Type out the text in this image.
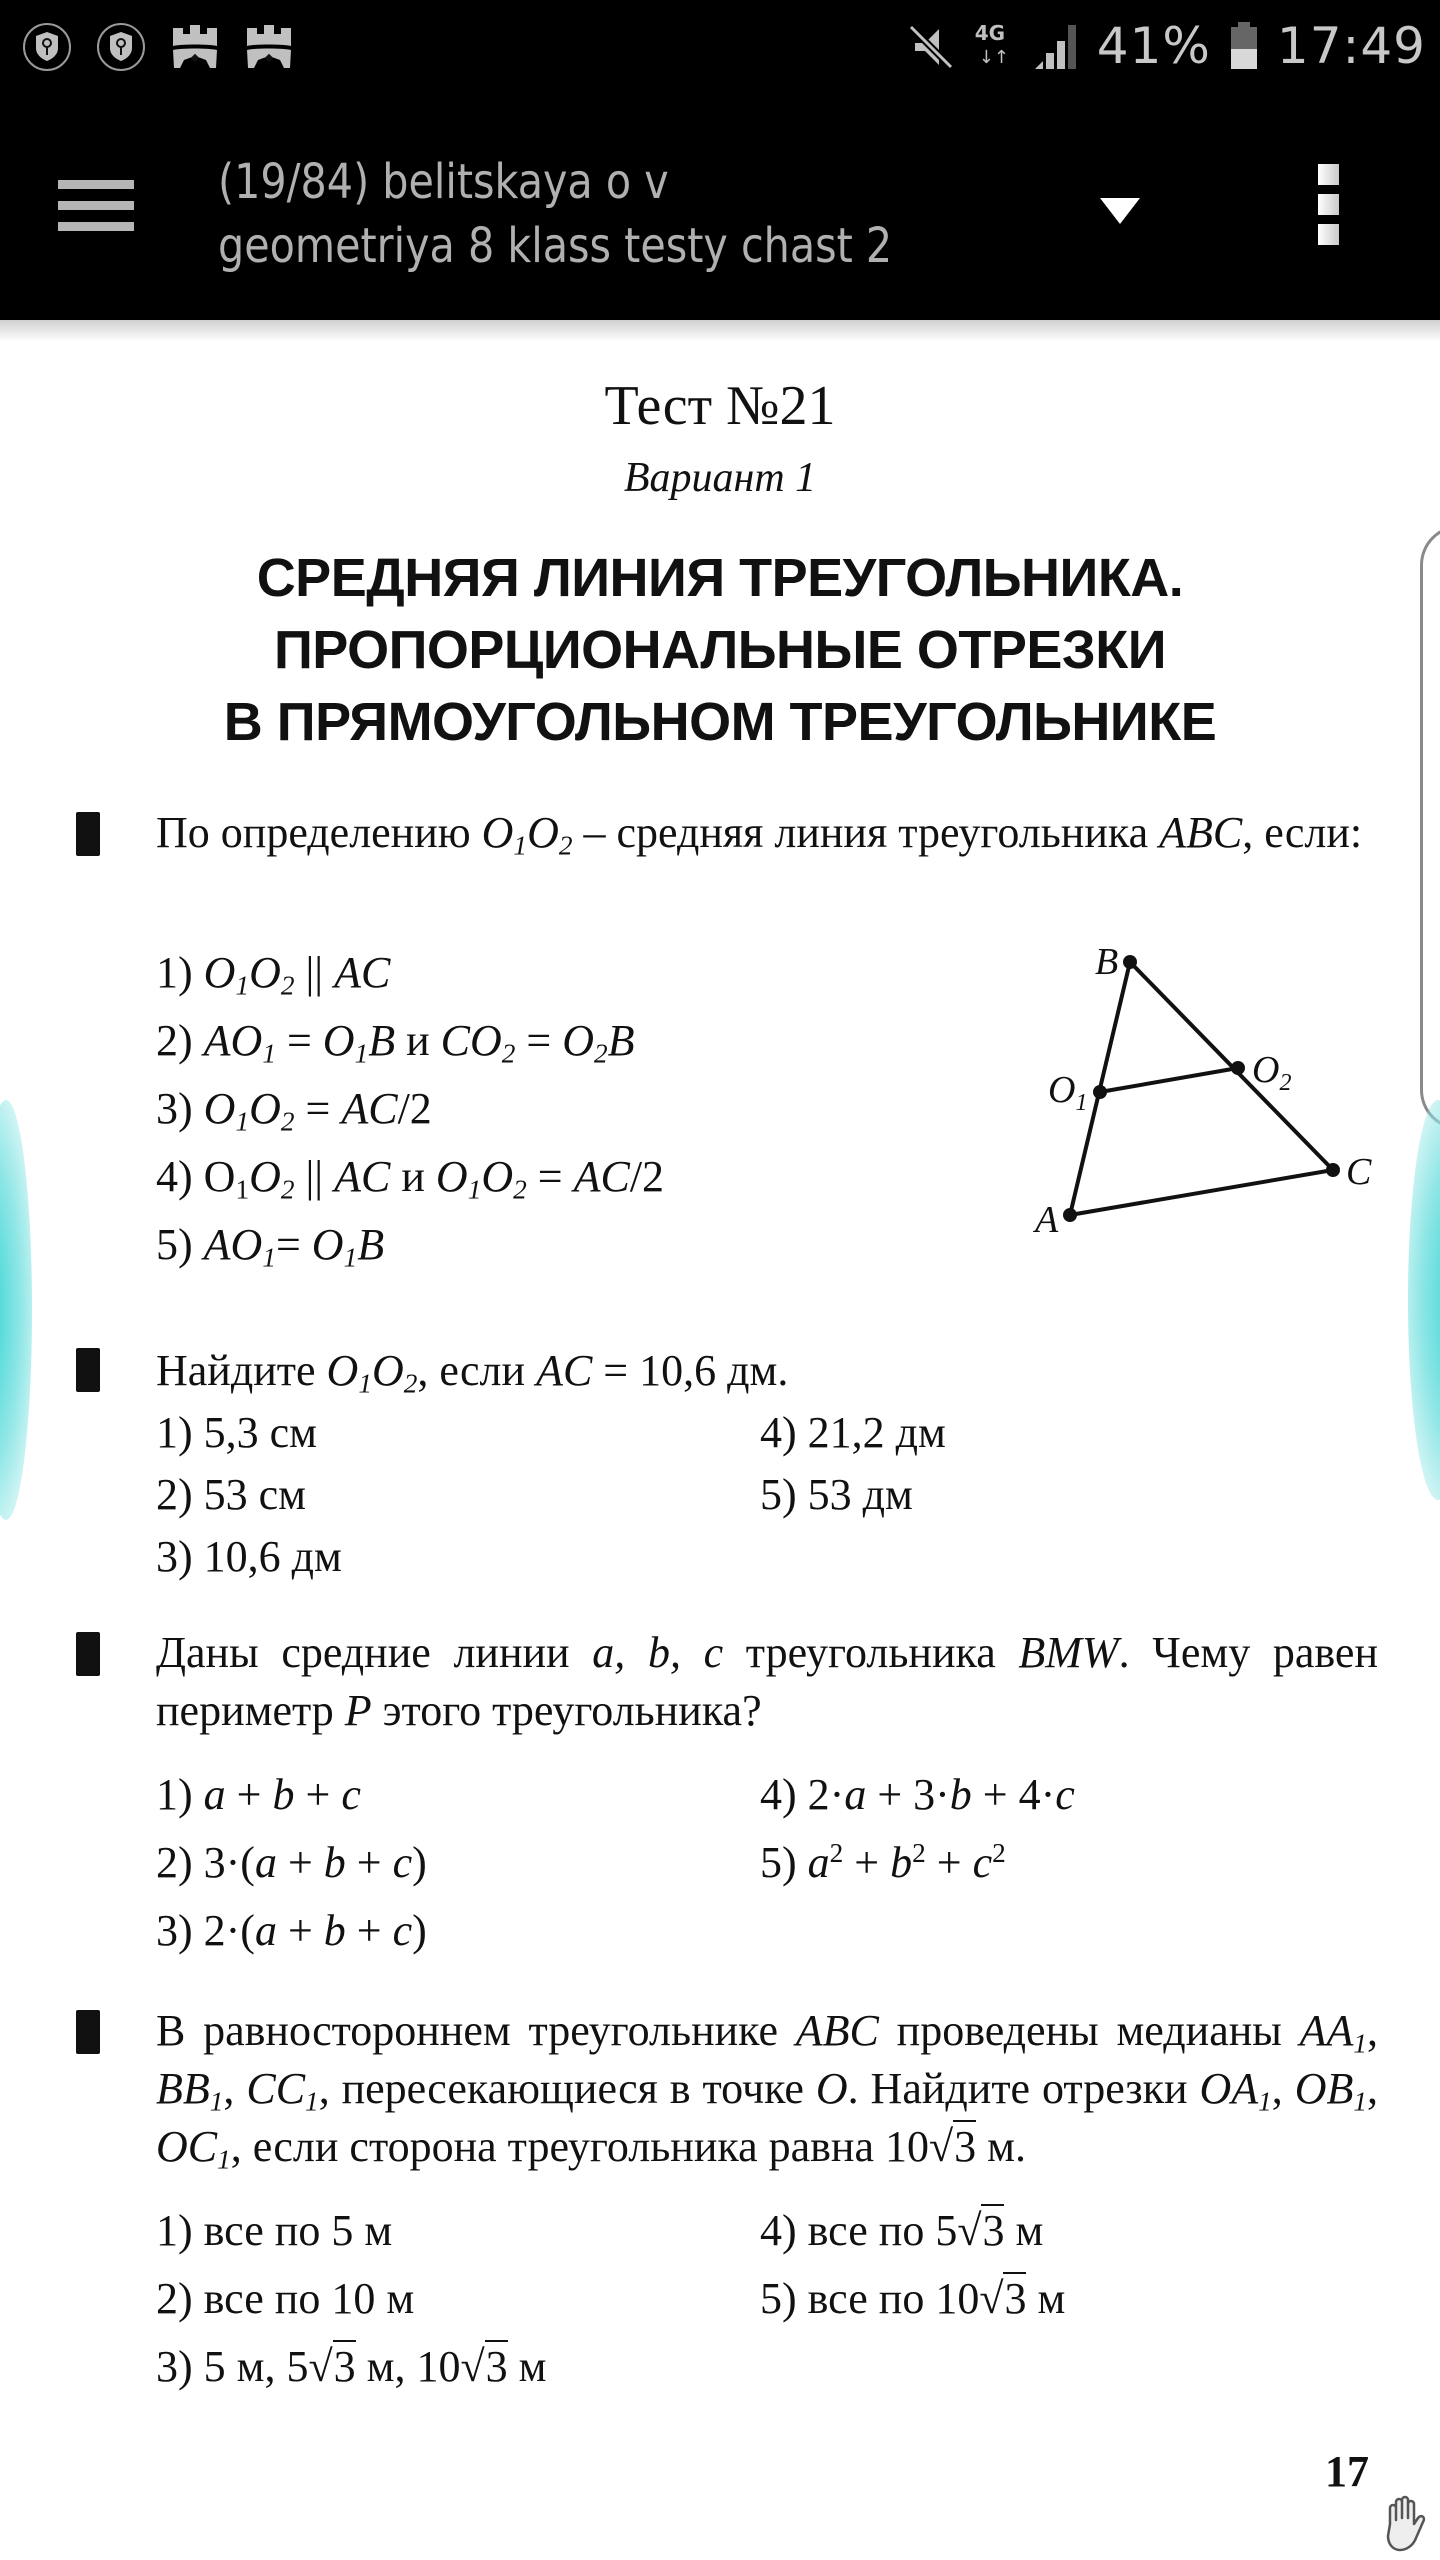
4G
↓↑ 41% 17:49
(19/84) belitskaya o v
geometriya 8 klass testy chast 2
Тест №21
Вариант 1
СРЕДНЯЯ ЛИНИЯ ТРЕУГОЛЬНИКА.
ПРОПОРЦИОНАЛЬНЫЕ ОТРЕЗКИ
В ПРЯМОУГОЛЬНОМ ТРЕУГОЛЬНИКЕ
По определению $O_1O_2$ – средняя линия треугольника ABC, если:
1) $O_1O_2$ || AC
2) $AO_1 = O_1B$ и $CO_2 = O_2B$
3) $O_1O_2 = AC/2$
4) $O_1O_2$ || AC и $O_1O_2 = AC/2$
5) $AO_1= O_1B$
B
$O_1$
$O_2$
A
C
Найдите $O_1O_2$, если AC = 10,6 дм.
1) 5,3 см
2) 53 см
3) 10,6 дм
4) 21,2 дм
5) 53 дм
Даны средние линии a, b, c треугольника BMW. Чему равен периметр P этого треугольника?
1) a + b + c
2) 3·(a + b + c)
3) 2·(a + b + c)
4) 2·a + 3·b + 4·c
5) $a^2 + b^2 + c^2$
В равностороннем треугольнике ABC проведены медианы $AA_1$, $BB_1$, $CC_1$, пересекающиеся в точке O. Найдите отрезки $OA_1$, $OB_1$, $OC_1$, если сторона треугольника равна 10√3 м.
1) все по 5 м
2) все по 10 м
3) 5 м, 5√3 м, 10√3 м
4) все по 5√3 м
5) все по 10√3 м
17
